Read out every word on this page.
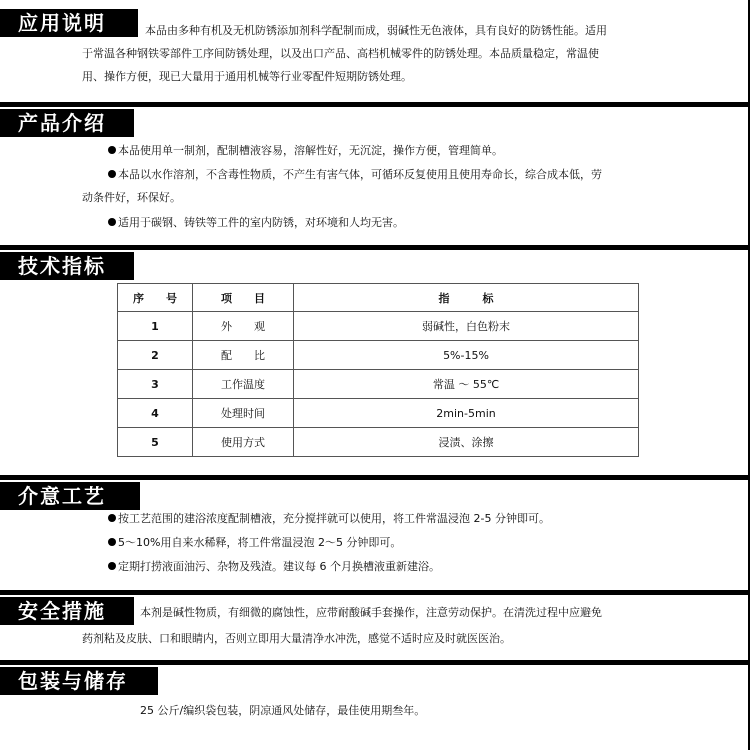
应用说明	本品由多种有机及无机防锈添加剂科学配制而成，弱碱性无色液体，具有良好的防锈性能。适用
于常温各种钢铁零部件工序间防锈处理，以及出口产品、高档机械零件的防锈处理。本品质量稳定，常温使
用、操作方便，现已大量用于通用机械等行业零配件短期防锈处理。
产品介绍
本品使用单一制剂，配制槽液容易，溶解性好，无沉淀，操作方便，管理简单。
本品以水作溶剂，不含毒性物质，不产生有害气体，可循环反复使用且使用寿命长，综合成本低，劳
动条件好，环保好。
适用于碳钢、铸铁等工件的室内防锈，对环境和人均无害。
技术指标
序　　号	项　　目	指　　　标
1	外　　观	弱碱性，白色粉末
2	配　　比	5%-15%
3	工作温度	常温 ～ 55℃
4	处理时间	2min-5min
5	使用方式	浸渍、涂擦
介意工艺
按工艺范围的建浴浓度配制槽液，充分搅拌就可以使用，将工件常温浸泡 2-5 分钟即可。
5～10%用自来水稀释，将工件常温浸泡 2～5 分钟即可。
定期打捞液面油污、杂物及残渣。建议每 6 个月换槽液重新建浴。
安全措施	本剂是碱性物质，有细微的腐蚀性，应带耐酸碱手套操作，注意劳动保护。在清洗过程中应避免
药剂粘及皮肤、口和眼睛内，否则立即用大量清净水冲洗，感觉不适时应及时就医医治。
包装与储存
25 公斤/编织袋包装，阴凉通风处储存，最佳使用期叁年。
